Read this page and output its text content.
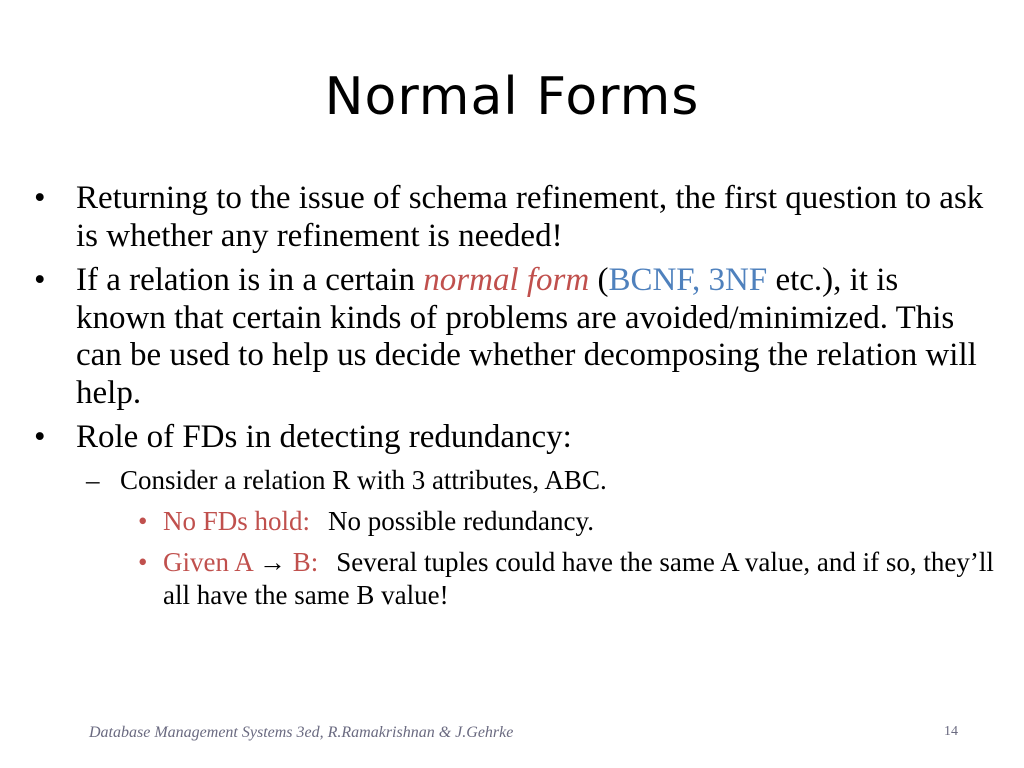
Normal Forms
• Returning to the issue of schema refinement, the first question to ask is whether any refinement is needed!
• If a relation is in a certain normal form (BCNF, 3NF etc.), it is known that certain kinds of problems are avoided/minimized. This can be used to help us decide whether decomposing the relation will help.
• Role of FDs in detecting redundancy:
– Consider a relation R with 3 attributes, ABC.
• No FDs hold: No possible redundancy.
• Given A → B: Several tuples could have the same A value, and if so, they’ll all have the same B value!
Database Management Systems 3ed, R.Ramakrishnan & J.Gehrke	14
